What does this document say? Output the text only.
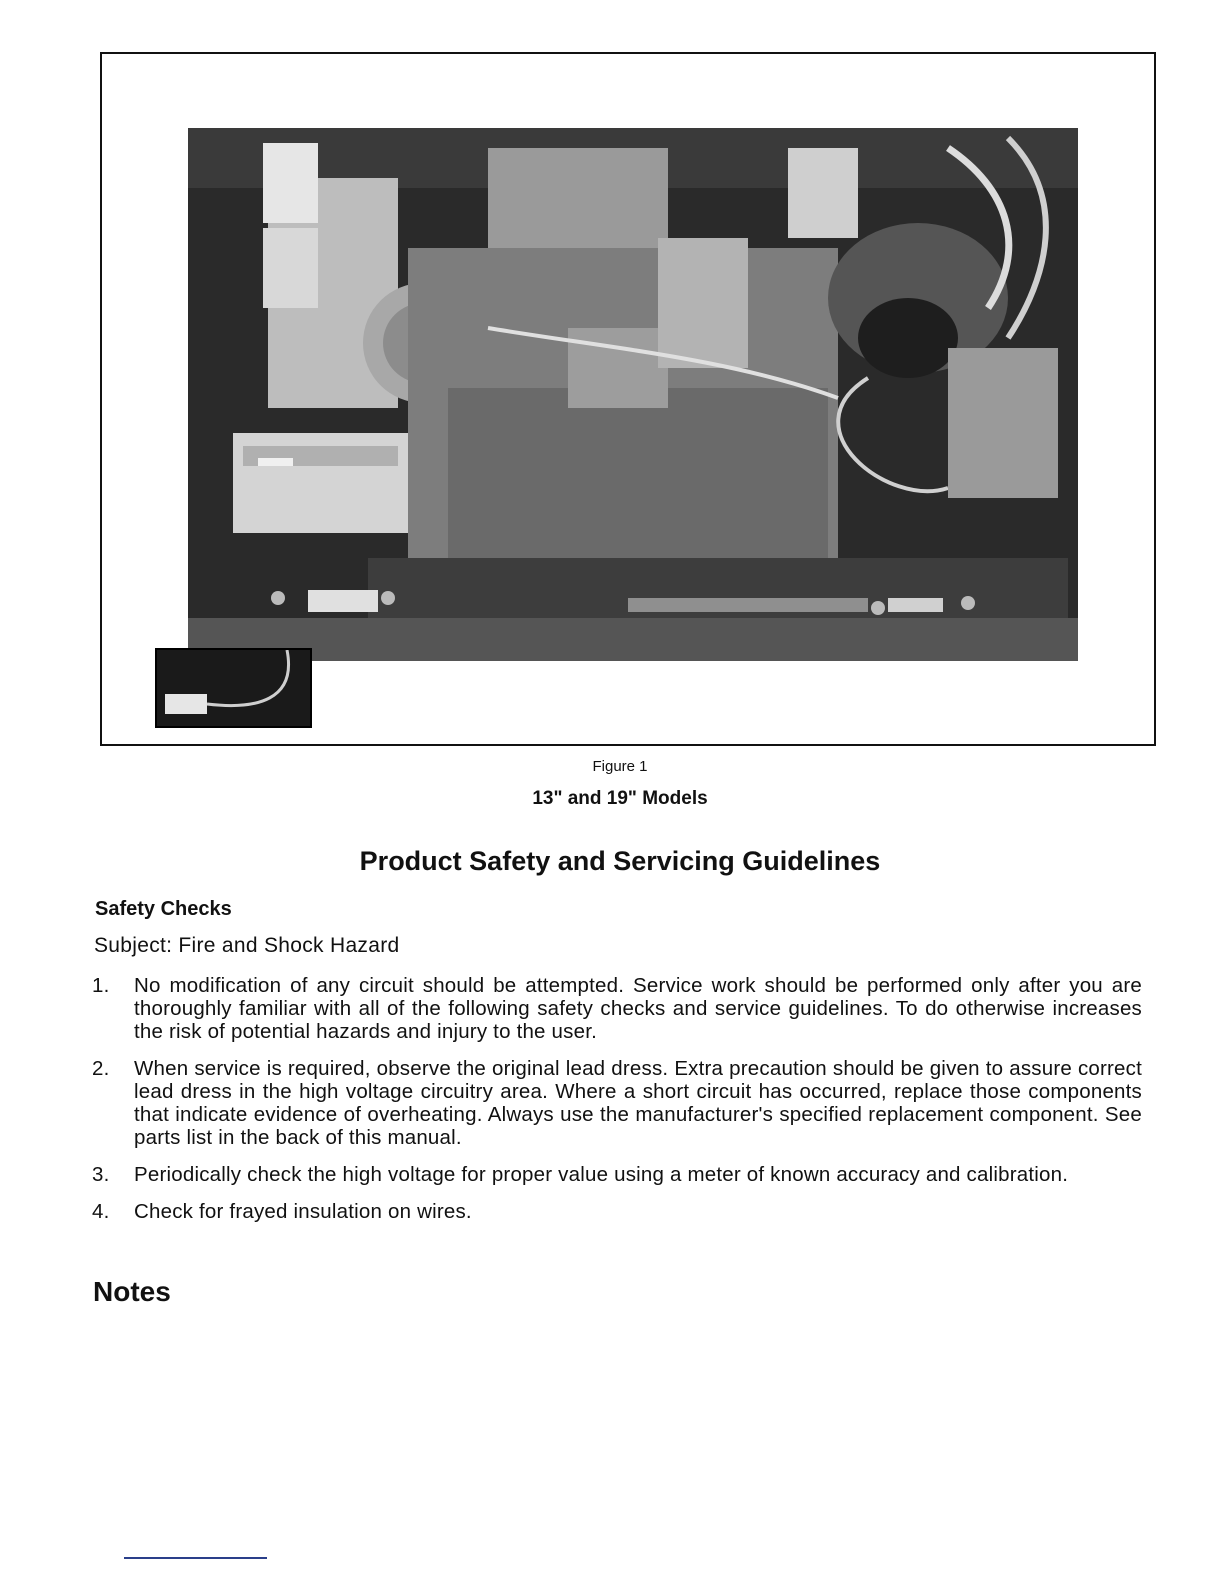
Figure 1
13" and 19" Models
Product Safety and Servicing Guidelines
Safety Checks
Subject: Fire and Shock Hazard
1. No modification of any circuit should be attempted. Service work should be performed only after you are thoroughly familiar with all of the following safety checks and service guidelines. To do otherwise increases the risk of potential hazards and injury to the user.
2. When service is required, observe the original lead dress. Extra precaution should be given to assure correct lead dress in the high voltage circuitry area. Where a short circuit has occurred, replace those components that indicate evidence of overheating. Always use the manufacturer's specified replacement component. See parts list in the back of this manual.
3. Periodically check the high voltage for proper value using a meter of known accuracy and calibration.
4. Check for frayed insulation on wires.
Notes
